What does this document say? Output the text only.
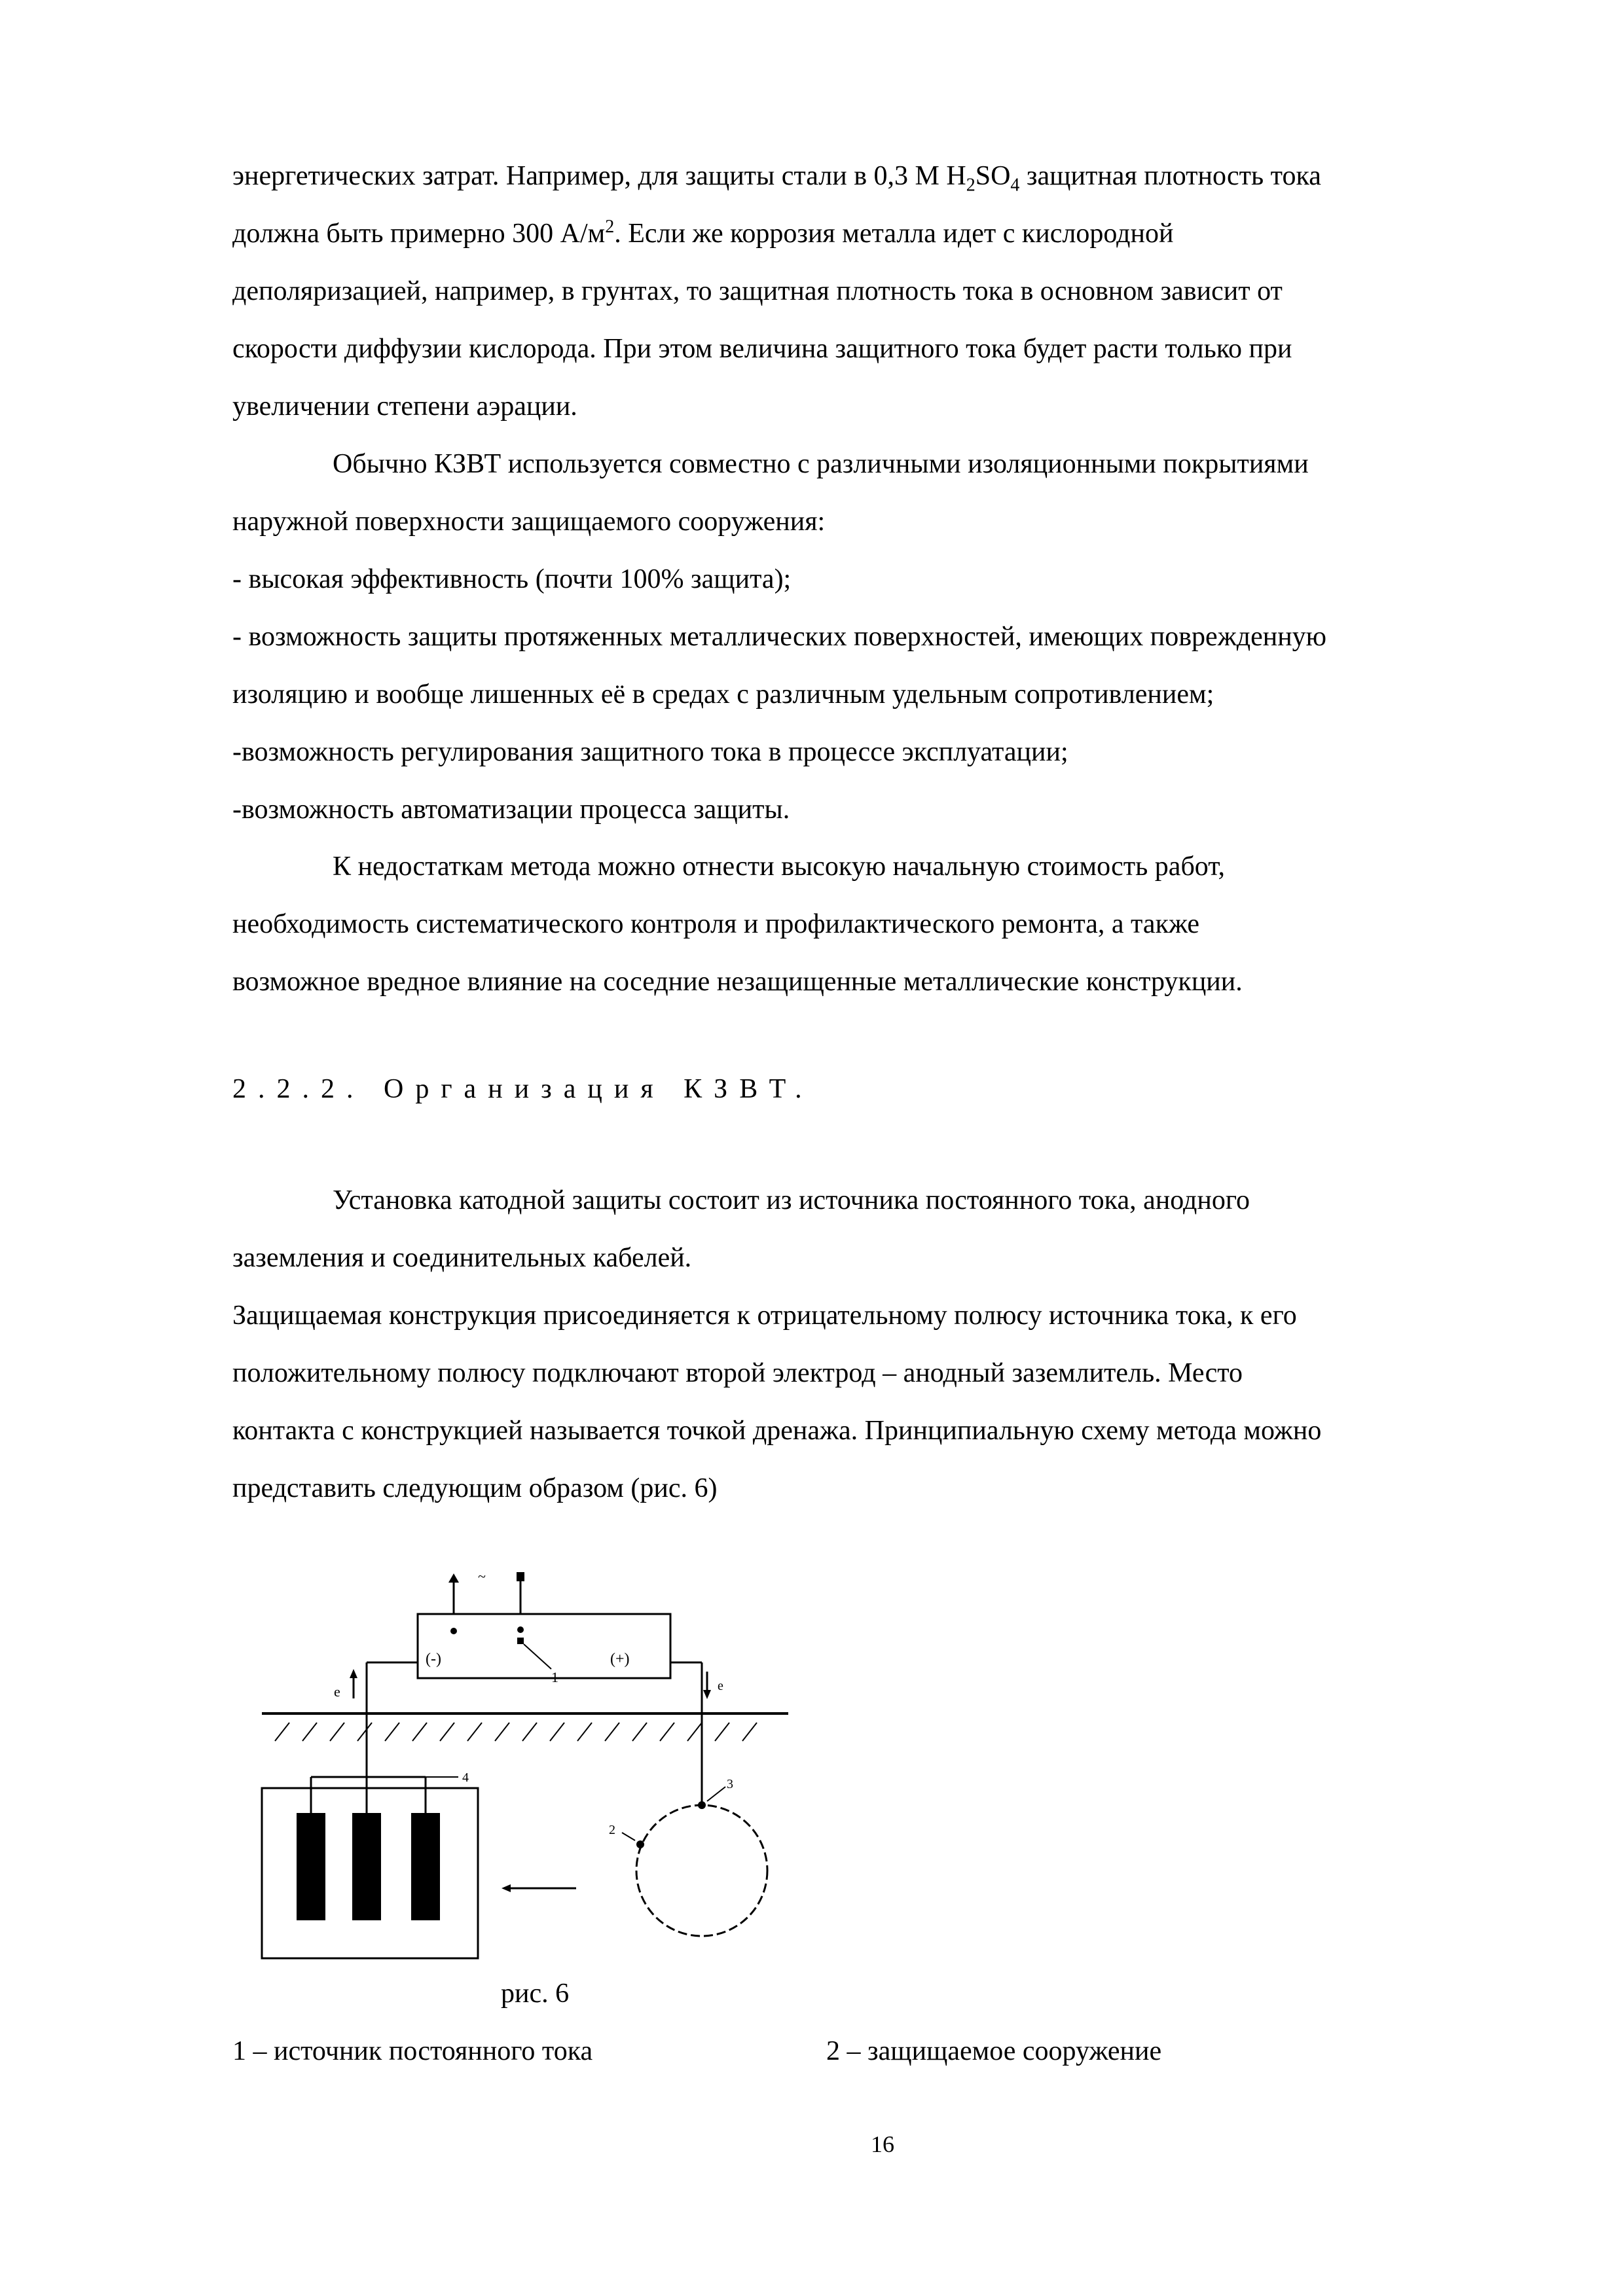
энергетических затрат. Например, для защиты стали в 0,3 М $H_2SO_4$ защитная плотность тока
должна быть примерно 300 $А/м^2$. Если же коррозия металла идет с кислородной
деполяризацией, например, в грунтах, то защитная плотность тока в основном зависит от
скорости диффузии кислорода. При этом величина защитного тока будет расти только при
увеличении степени аэрации.
Обычно КЗВТ используется совместно с различными изоляционными покрытиями
наружной поверхности защищаемого сооружения:
- высокая эффективность (почти 100% защита);
- возможность защиты протяженных металлических поверхностей, имеющих поврежденную
изоляцию и вообще лишенных её в средах с различным удельным сопротивлением;
-возможность регулирования защитного тока в процессе эксплуатации;
-возможность автоматизации процесса защиты.
К недостаткам метода можно отнести высокую начальную стоимость работ,
необходимость систематического контроля и профилактического ремонта, а также
возможное вредное влияние на соседние незащищенные металлические конструкции.
2.2.2. Организация КЗВТ.
Установка катодной защиты состоит из источника постоянного тока, анодного
заземления и соединительных кабелей.
Защищаемая конструкция присоединяется к отрицательному полюсу источника тока, к его
положительному полюсу подключают второй электрод – анодный заземлитель. Место
контакта с конструкцией называется точкой дренажа. Принципиальную схему метода можно
представить следующим образом (рис. 6)
~
(-)	(+)
1
e	e
4	3
2
рис. 6
1 – источник постоянного тока	2 – защищаемое сооружение
16
